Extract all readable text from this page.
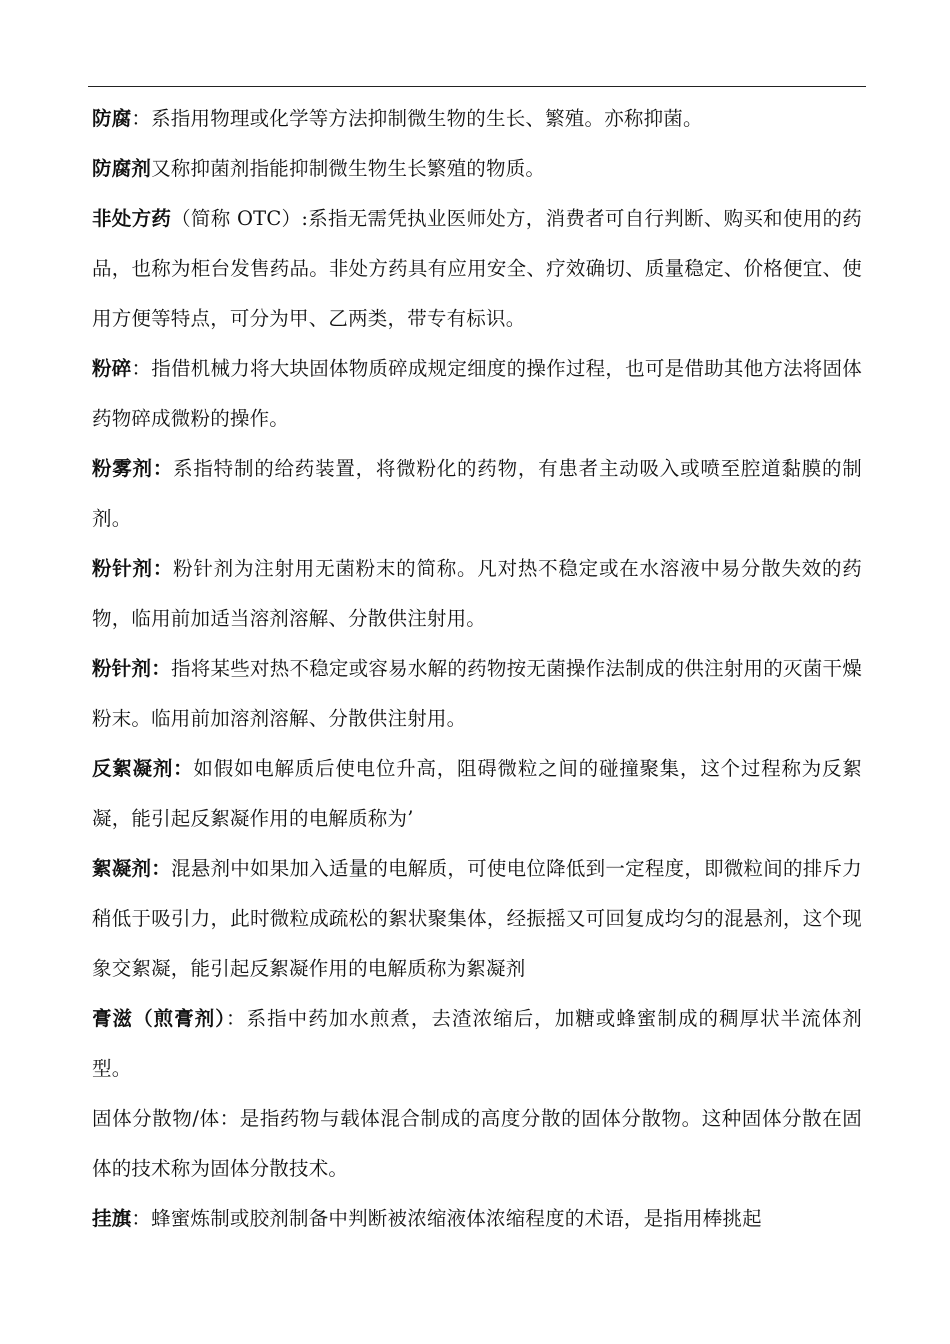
防腐：系指用物理或化学等方法抑制微生物的生长、繁殖。亦称抑菌。

防腐剂又称抑菌剂指能抑制微生物生长繁殖的物质。

非处方药（简称 OTC）:系指无需凭执业医师处方，消费者可自行判断、购买和使用的药品，也称为柜台发售药品。非处方药具有应用安全、疗效确切、质量稳定、价格便宜、使用方便等特点，可分为甲、乙两类，带专有标识。

粉碎：指借机械力将大块固体物质碎成规定细度的操作过程，也可是借助其他方法将固体药物碎成微粉的操作。

粉雾剂：系指特制的给药装置，将微粉化的药物，有患者主动吸入或喷至腔道黏膜的制剂。

粉针剂：粉针剂为注射用无菌粉末的简称。凡对热不稳定或在水溶液中易分散失效的药物，临用前加适当溶剂溶解、分散供注射用。

粉针剂：指将某些对热不稳定或容易水解的药物按无菌操作法制成的供注射用的灭菌干燥粉末。临用前加溶剂溶解、分散供注射用。

反絮凝剂：如假如电解质后使电位升高，阻碍微粒之间的碰撞聚集，这个过程称为反絮凝，能引起反絮凝作用的电解质称为’

絮凝剂：混悬剂中如果加入适量的电解质，可使电位降低到一定程度，即微粒间的排斥力稍低于吸引力，此时微粒成疏松的絮状聚集体，经振摇又可回复成均匀的混悬剂，这个现象交絮凝，能引起反絮凝作用的电解质称为絮凝剂

膏滋（煎膏剂）：系指中药加水煎煮，去渣浓缩后，加糖或蜂蜜制成的稠厚状半流体剂型。

固体分散物/体：是指药物与载体混合制成的高度分散的固体分散物。这种固体分散在固体的技术称为固体分散技术。

挂旗：蜂蜜炼制或胶剂制备中判断被浓缩液体浓缩程度的术语，是指用棒挑起
